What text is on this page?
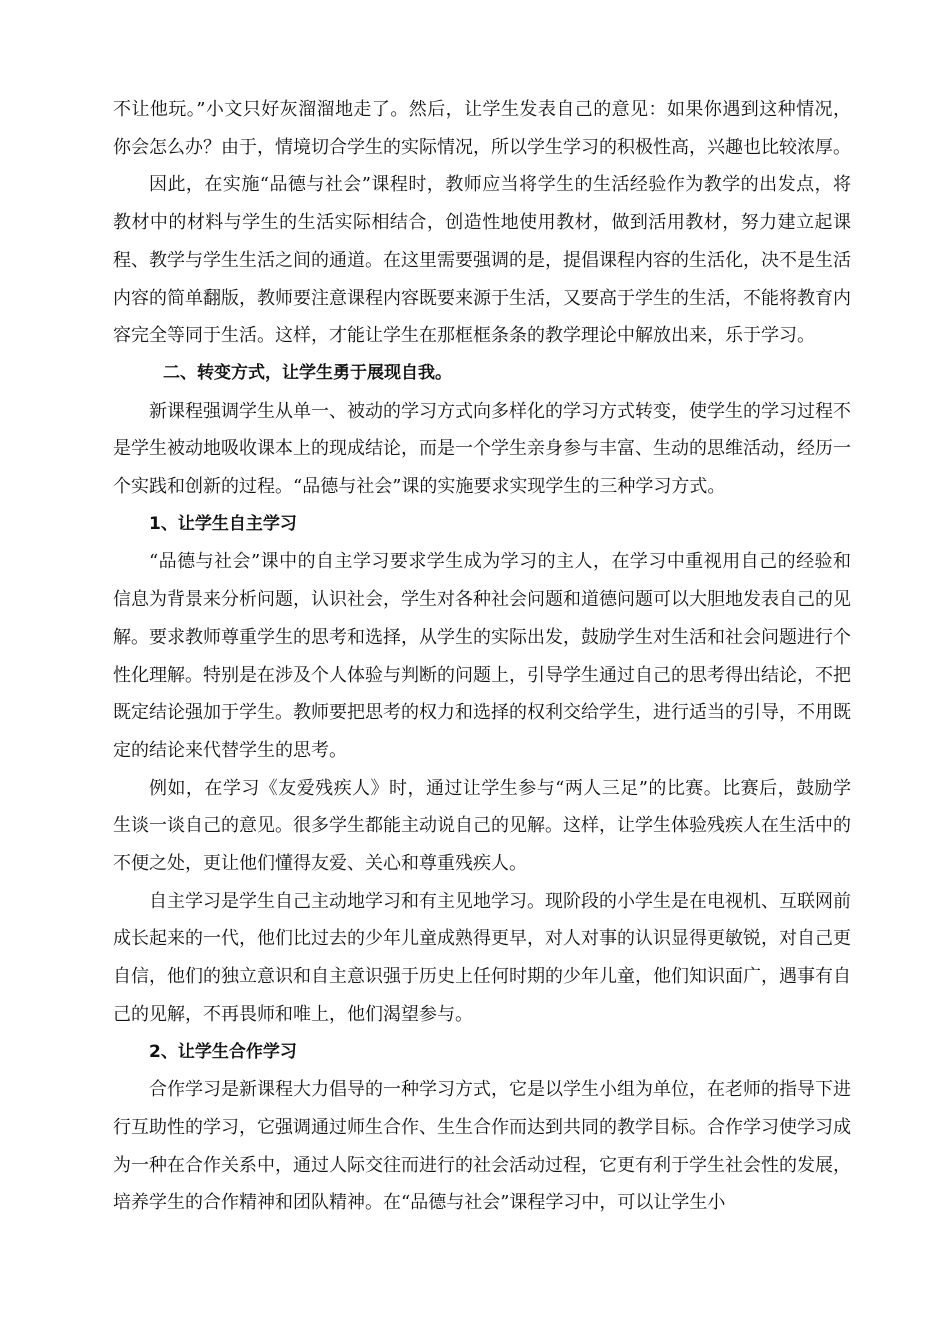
不让他玩。”小文只好灰溜溜地走了。然后，让学生发表自己的意见：如果你遇到这种情况，你会怎么办？由于，情境切合学生的实际情况，所以学生学习的积极性高，兴趣也比较浓厚。

因此，在实施“品德与社会”课程时，教师应当将学生的生活经验作为教学的出发点，将教材中的材料与学生的生活实际相结合，创造性地使用教材，做到活用教材，努力建立起课程、教学与学生生活之间的通道。在这里需要强调的是，提倡课程内容的生活化，决不是生活内容的简单翻版，教师要注意课程内容既要来源于生活，又要高于学生的生活，不能将教育内容完全等同于生活。这样，才能让学生在那框框条条的教学理论中解放出来，乐于学习。

二、转变方式，让学生勇于展现自我。

新课程强调学生从单一、被动的学习方式向多样化的学习方式转变，使学生的学习过程不是学生被动地吸收课本上的现成结论，而是一个学生亲身参与丰富、生动的思维活动，经历一个实践和创新的过程。“品德与社会”课的实施要求实现学生的三种学习方式。

1、让学生自主学习

“品德与社会”课中的自主学习要求学生成为学习的主人，在学习中重视用自己的经验和信息为背景来分析问题，认识社会，学生对各种社会问题和道德问题可以大胆地发表自己的见解。要求教师尊重学生的思考和选择，从学生的实际出发，鼓励学生对生活和社会问题进行个性化理解。特别是在涉及个人体验与判断的问题上，引导学生通过自己的思考得出结论，不把既定结论强加于学生。教师要把思考的权力和选择的权利交给学生，进行适当的引导，不用既定的结论来代替学生的思考。

例如，在学习《友爱残疾人》时，通过让学生参与“两人三足”的比赛。比赛后，鼓励学生谈一谈自己的意见。很多学生都能主动说自己的见解。这样，让学生体验残疾人在生活中的不便之处，更让他们懂得友爱、关心和尊重残疾人。

自主学习是学生自己主动地学习和有主见地学习。现阶段的小学生是在电视机、互联网前成长起来的一代，他们比过去的少年儿童成熟得更早，对人对事的认识显得更敏锐，对自己更自信，他们的独立意识和自主意识强于历史上任何时期的少年儿童，他们知识面广，遇事有自己的见解，不再畏师和唯上，他们渴望参与。

2、让学生合作学习

合作学习是新课程大力倡导的一种学习方式，它是以学生小组为单位，在老师的指导下进行互助性的学习，它强调通过师生合作、生生合作而达到共同的教学目标。合作学习使学习成为一种在合作关系中，通过人际交往而进行的社会活动过程，它更有利于学生社会性的发展，培养学生的合作精神和团队精神。在“品德与社会”课程学习中，可以让学生小
